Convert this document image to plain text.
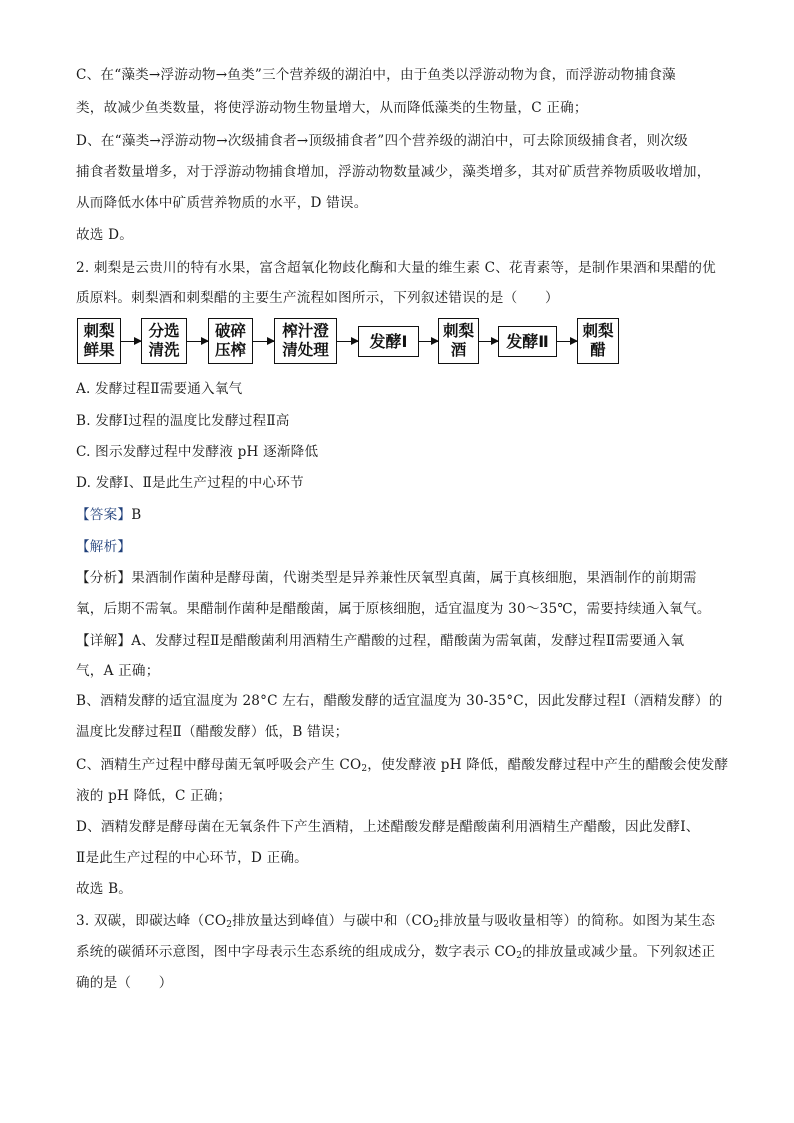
C、在“藻类→浮游动物→鱼类”三个营养级的湖泊中，由于鱼类以浮游动物为食，而浮游动物捕食藻
类，故减少鱼类数量，将使浮游动物生物量增大，从而降低藻类的生物量，C 正确；
D、在“藻类→浮游动物→次级捕食者→顶级捕食者”四个营养级的湖泊中，可去除顶级捕食者，则次级
捕食者数量增多，对于浮游动物捕食增加，浮游动物数量减少，藻类增多，其对矿质营养物质吸收增加，
从而降低水体中矿质营养物质的水平，D 错误。
故选 D。
2. 刺梨是云贵川的特有水果，富含超氧化物歧化酶和大量的维生素 C、花青素等，是制作果酒和果醋的优
质原料。刺梨酒和刺梨醋的主要生产流程如图所示，下列叙述错误的是（　　）
刺梨
鲜果
分选
清洗
破碎
压榨
榨汁澄
清处理	发酵Ⅰ
刺梨
酒 发酵Ⅱ
刺梨
醋
A. 发酵过程Ⅱ需要通入氧气
B. 发酵Ⅰ过程的温度比发酵过程Ⅱ高
C. 图示发酵过程中发酵液 pH 逐渐降低
D. 发酵Ⅰ、Ⅱ是此生产过程的中心环节
【答案】B
【解析】
【分析】果酒制作菌种是酵母菌，代谢类型是异养兼性厌氧型真菌，属于真核细胞，果酒制作的前期需
氧，后期不需氧。果醋制作菌种是醋酸菌，属于原核细胞，适宜温度为 30～35℃，需要持续通入氧气。
【详解】A、发酵过程Ⅱ是醋酸菌利用酒精生产醋酸的过程，醋酸菌为需氧菌，发酵过程Ⅱ需要通入氧
气，A 正确；
B、酒精发酵的适宜温度为 28°C 左右，醋酸发酵的适宜温度为 30-35°C，因此发酵过程Ⅰ（酒精发酵）的
温度比发酵过程Ⅱ（醋酸发酵）低，B 错误；
C、酒精生产过程中酵母菌无氧呼吸会产生 $CO_2$，使发酵液 pH 降低，醋酸发酵过程中产生的醋酸会使发酵
液的 pH 降低，C 正确；
D、酒精发酵是酵母菌在无氧条件下产生酒精，上述醋酸发酵是醋酸菌利用酒精生产醋酸，因此发酵Ⅰ、
Ⅱ是此生产过程的中心环节，D 正确。
故选 B。
3. 双碳，即碳达峰（$CO_2$排放量达到峰值）与碳中和（$CO_2$排放量与吸收量相等）的简称。如图为某生态
系统的碳循环示意图，图中字母表示生态系统的组成成分，数字表示 $CO_2$的排放量或减少量。下列叙述正
确的是（　　）
